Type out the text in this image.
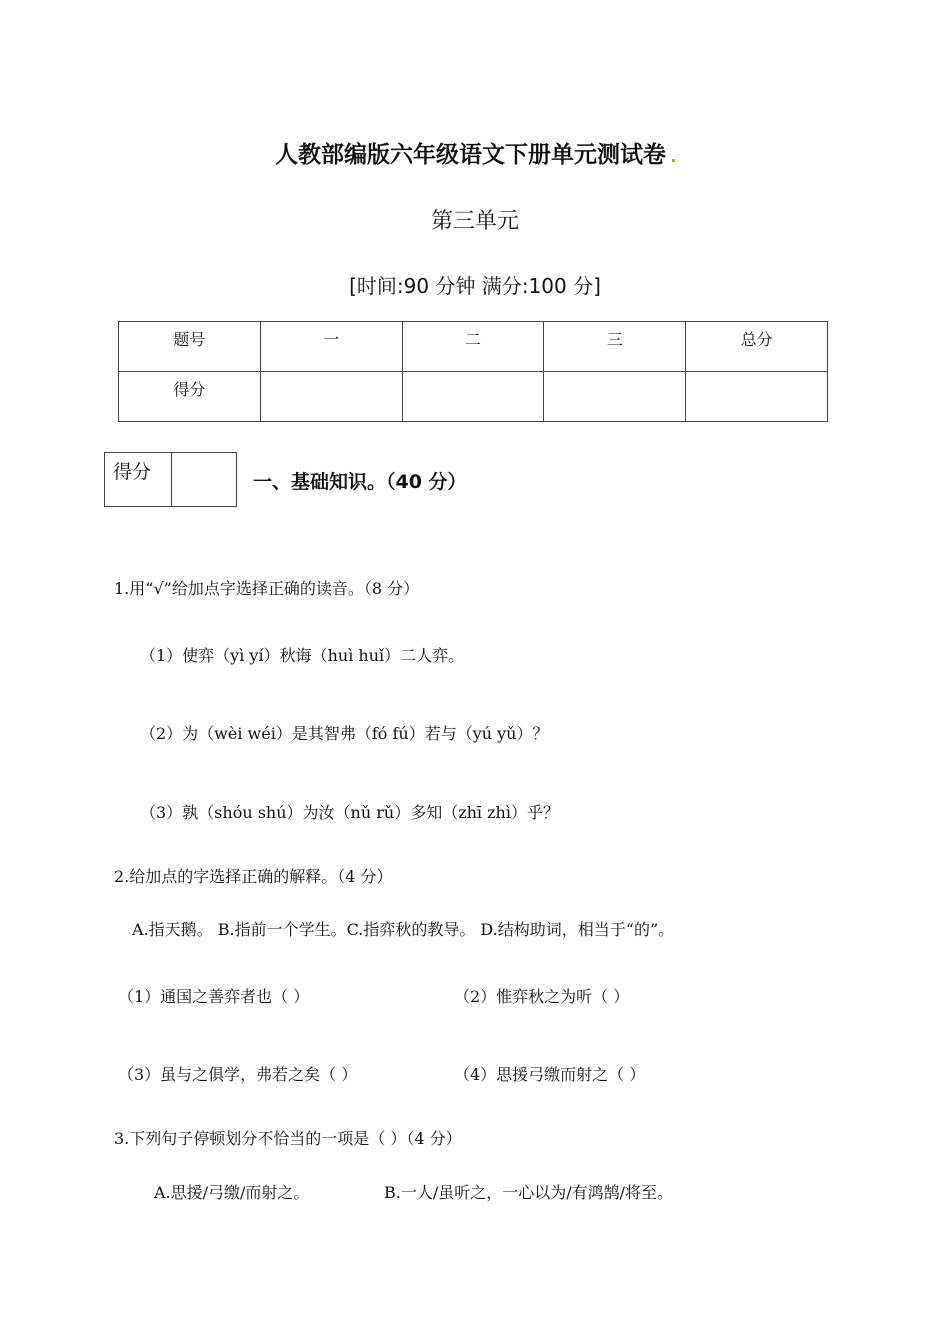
人教部编版六年级语文下册单元测试卷
第三单元
[时间:90 分钟 满分:100 分]
题号	一	二	三	总分
得分				
得分	一、基础知识。（40 分）
1.用“√”给加点字选择正确的读音。（8 分）
（1）使弈（yì yí）秋诲（huì huǐ）二人弈。
（2）为（wèi wéi）是其智弗（fó fú）若与（yú yǔ）？
（3）孰（shóu shú）为汝（nǔ rǔ）多知（zhī zhì）乎？
2.给加点的字选择正确的解释。（4 分）
A.指天鹅。 B.指前一个学生。C.指弈秋的教导。 D.结构助词，相当于“的”。
（1）通国之善弈者也（ ）	（2）惟弈秋之为听（ ）
（3）虽与之俱学，弗若之矣（ ）	（4）思援弓缴而射之（ ）
3.下列句子停顿划分不恰当的一项是（ ）（4 分）
A.思援/弓缴/而射之。	B.一人/虽听之，一心以为/有鸿鹄/将至。
